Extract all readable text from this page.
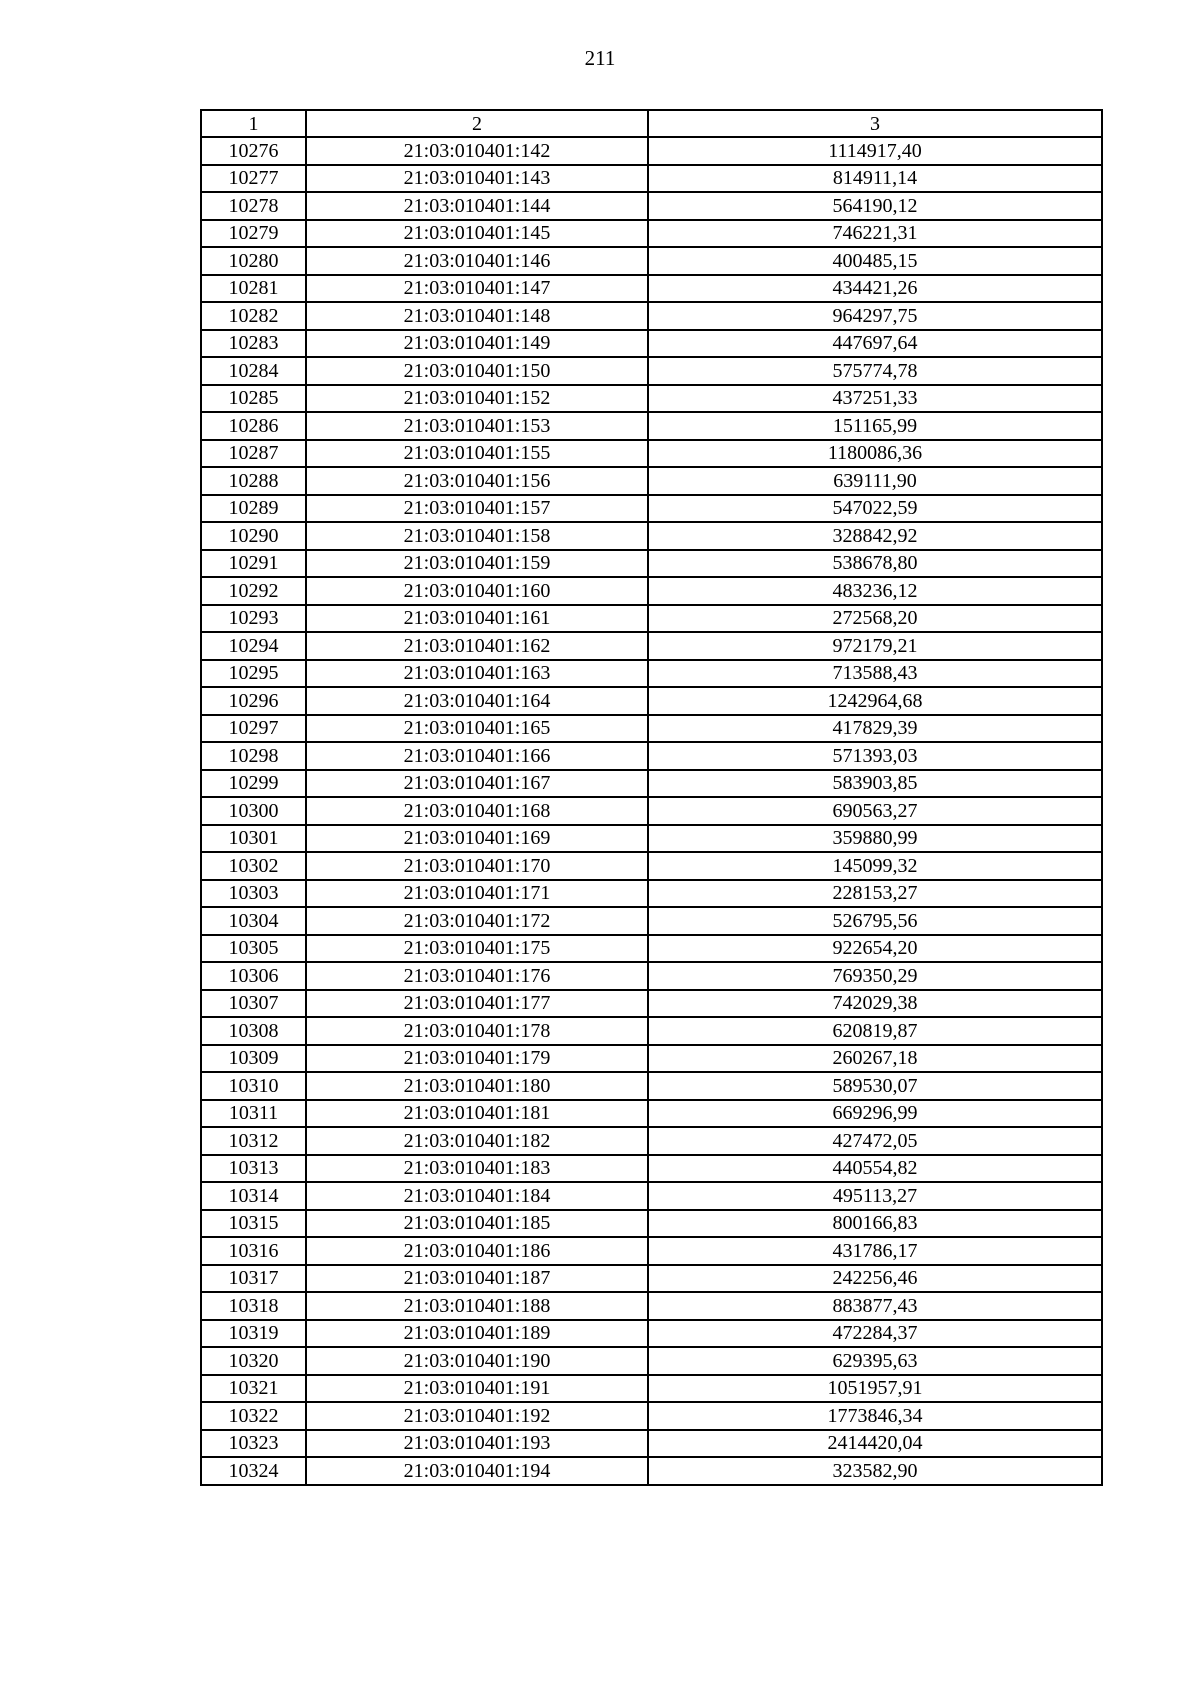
211
1	2	3
10276	21:03:010401:142	1114917,40
10277	21:03:010401:143	814911,14
10278	21:03:010401:144	564190,12
10279	21:03:010401:145	746221,31
10280	21:03:010401:146	400485,15
10281	21:03:010401:147	434421,26
10282	21:03:010401:148	964297,75
10283	21:03:010401:149	447697,64
10284	21:03:010401:150	575774,78
10285	21:03:010401:152	437251,33
10286	21:03:010401:153	151165,99
10287	21:03:010401:155	1180086,36
10288	21:03:010401:156	639111,90
10289	21:03:010401:157	547022,59
10290	21:03:010401:158	328842,92
10291	21:03:010401:159	538678,80
10292	21:03:010401:160	483236,12
10293	21:03:010401:161	272568,20
10294	21:03:010401:162	972179,21
10295	21:03:010401:163	713588,43
10296	21:03:010401:164	1242964,68
10297	21:03:010401:165	417829,39
10298	21:03:010401:166	571393,03
10299	21:03:010401:167	583903,85
10300	21:03:010401:168	690563,27
10301	21:03:010401:169	359880,99
10302	21:03:010401:170	145099,32
10303	21:03:010401:171	228153,27
10304	21:03:010401:172	526795,56
10305	21:03:010401:175	922654,20
10306	21:03:010401:176	769350,29
10307	21:03:010401:177	742029,38
10308	21:03:010401:178	620819,87
10309	21:03:010401:179	260267,18
10310	21:03:010401:180	589530,07
10311	21:03:010401:181	669296,99
10312	21:03:010401:182	427472,05
10313	21:03:010401:183	440554,82
10314	21:03:010401:184	495113,27
10315	21:03:010401:185	800166,83
10316	21:03:010401:186	431786,17
10317	21:03:010401:187	242256,46
10318	21:03:010401:188	883877,43
10319	21:03:010401:189	472284,37
10320	21:03:010401:190	629395,63
10321	21:03:010401:191	1051957,91
10322	21:03:010401:192	1773846,34
10323	21:03:010401:193	2414420,04
10324	21:03:010401:194	323582,90
